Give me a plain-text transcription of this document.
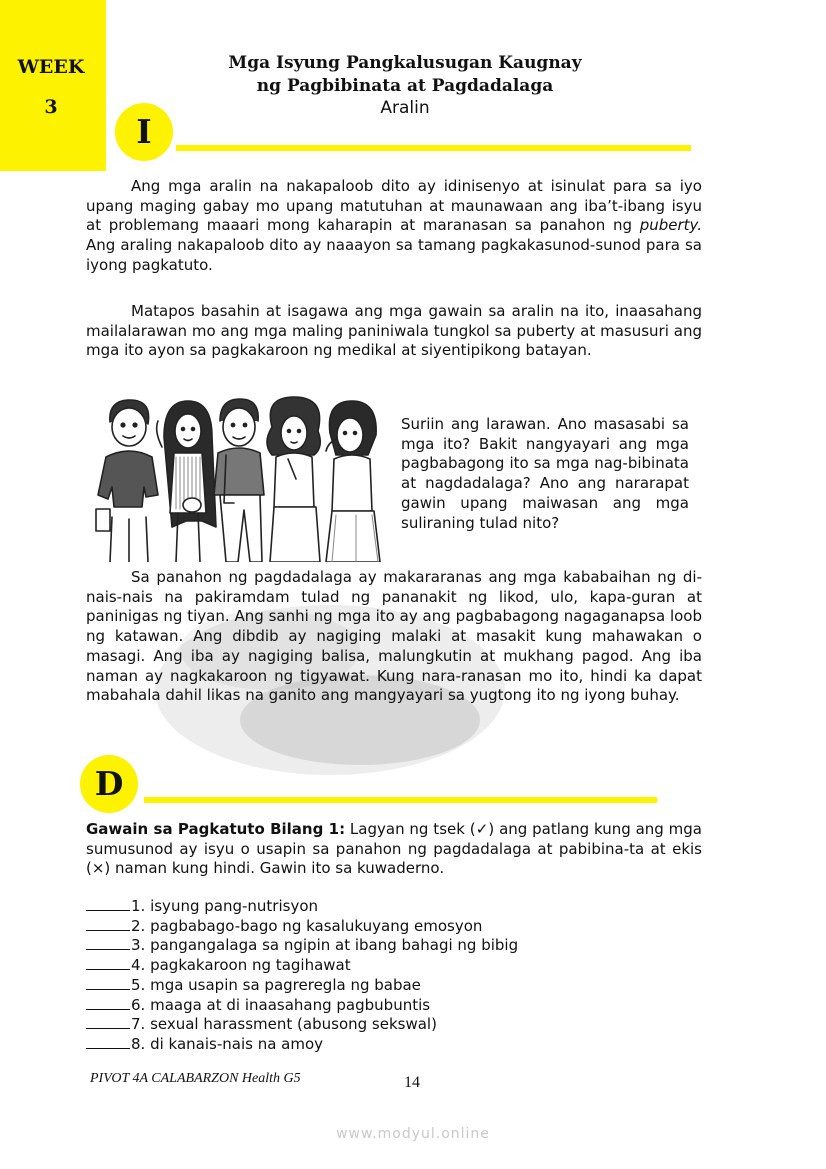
WEEK
3
Mga Isyung Pangkalusugan Kaugnay
ng Pagbibinata at Pagdadalaga
Aralin
I

Ang mga aralin na nakapaloob dito ay idinisenyo at isinulat para sa iyo upang maging gabay mo upang matutuhan at maunawaan ang iba’t-ibang isyu at problemang maaari mong kaharapin at maranasan sa panahon ng puberty. Ang araling nakapaloob dito ay naaayon sa tamang pagkakasunod-sunod para sa iyong pagkatuto.

Matapos basahin at isagawa ang mga gawain sa aralin na ito, inaasahang mailalarawan mo ang mga maling paniniwala tungkol sa puberty at masusuri ang mga ito ayon sa pagkakaroon ng medikal at siyentipikong batayan.

Suriin ang larawan. Ano masasabi sa mga ito? Bakit nangyayari ang mga pagbabagong ito sa mga nag-bibinata at nagdadalaga? Ano ang nararapat gawin upang maiwasan ang mga suliraning tulad nito?

Sa panahon ng pagdadalaga ay makararanas ang mga kababaihan ng di-nais-nais na pakiramdam tulad ng pananakit ng likod, ulo, kapa-guran at paninigas ng tiyan. Ang sanhi ng mga ito ay ang pagbabagong nagaganapsa loob ng katawan. Ang dibdib ay nagiging malaki at masakit kung mahawakan o masagi. Ang iba ay nagiging balisa, malungkutin at mukhang pagod. Ang iba naman ay nagkakaroon ng tigyawat. Kung nara-ranasan mo ito, hindi ka dapat mabahala dahil likas na ganito ang mangyayari sa yugtong ito ng iyong buhay.

D

Gawain sa Pagkatuto Bilang 1: Lagyan ng tsek (✓) ang patlang kung ang mga sumusunod ay isyu o usapin sa panahon ng pagdadalaga at pabibina-ta at ekis (×) naman kung hindi. Gawin ito sa kuwaderno.

1. isyung pang-nutrisyon
2. pagbabago-bago ng kasalukuyang emosyon
3. pangangalaga sa ngipin at ibang bahagi ng bibig
4. pagkakaroon ng tagihawat
5. mga usapin sa pagreregla ng babae
6. maaga at di inaasahang pagbubuntis
7. sexual harassment (abusong sekswal)
8. di kanais-nais na amoy
PIVOT 4A CALABARZON Health G5	14
www.modyul.online
